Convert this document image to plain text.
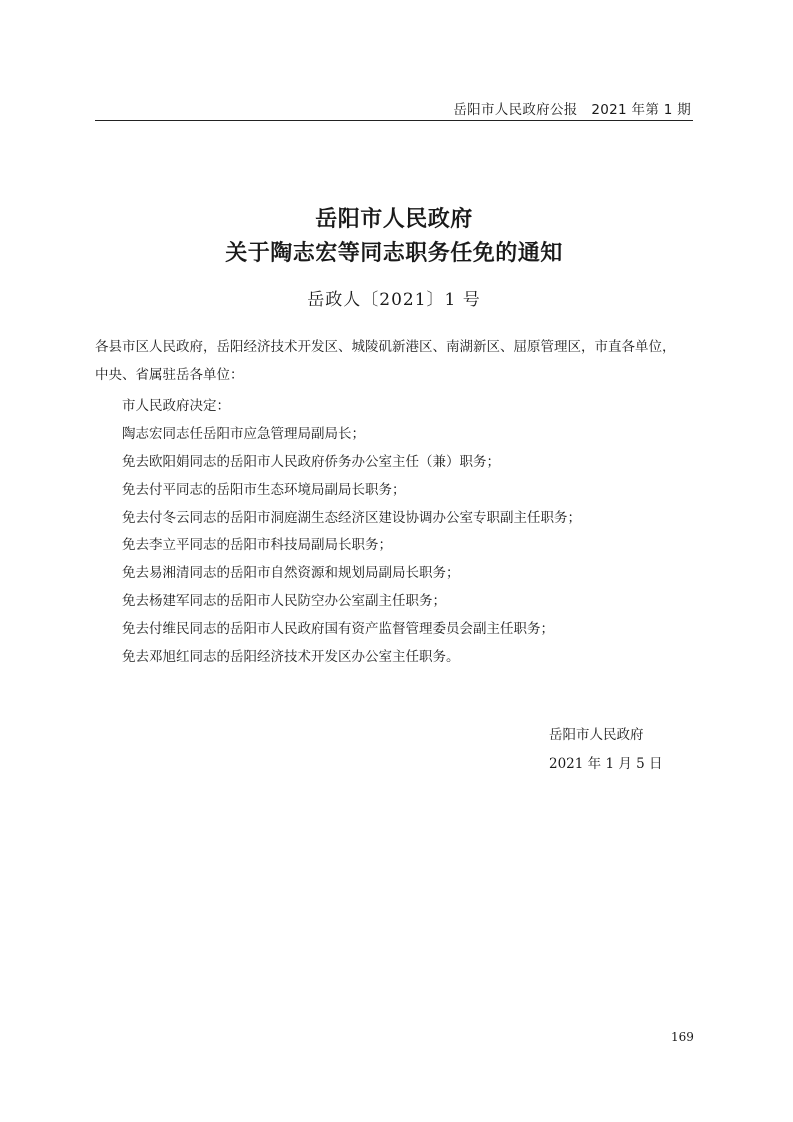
岳阳市人民政府公报　2021 年第 1 期
岳阳市人民政府
关于陶志宏等同志职务任免的通知
岳政人〔2021〕1 号
各县市区人民政府，岳阳经济技术开发区、城陵矶新港区、南湖新区、屈原管理区，市直各单位，
中央、省属驻岳各单位：
市人民政府决定：
陶志宏同志任岳阳市应急管理局副局长；
免去欧阳娟同志的岳阳市人民政府侨务办公室主任（兼）职务；
免去付平同志的岳阳市生态环境局副局长职务；
免去付冬云同志的岳阳市洞庭湖生态经济区建设协调办公室专职副主任职务；
免去李立平同志的岳阳市科技局副局长职务；
免去易湘清同志的岳阳市自然资源和规划局副局长职务；
免去杨建军同志的岳阳市人民防空办公室副主任职务；
免去付维民同志的岳阳市人民政府国有资产监督管理委员会副主任职务；
免去邓旭红同志的岳阳经济技术开发区办公室主任职务。
岳阳市人民政府
2021 年 1 月 5 日
169
